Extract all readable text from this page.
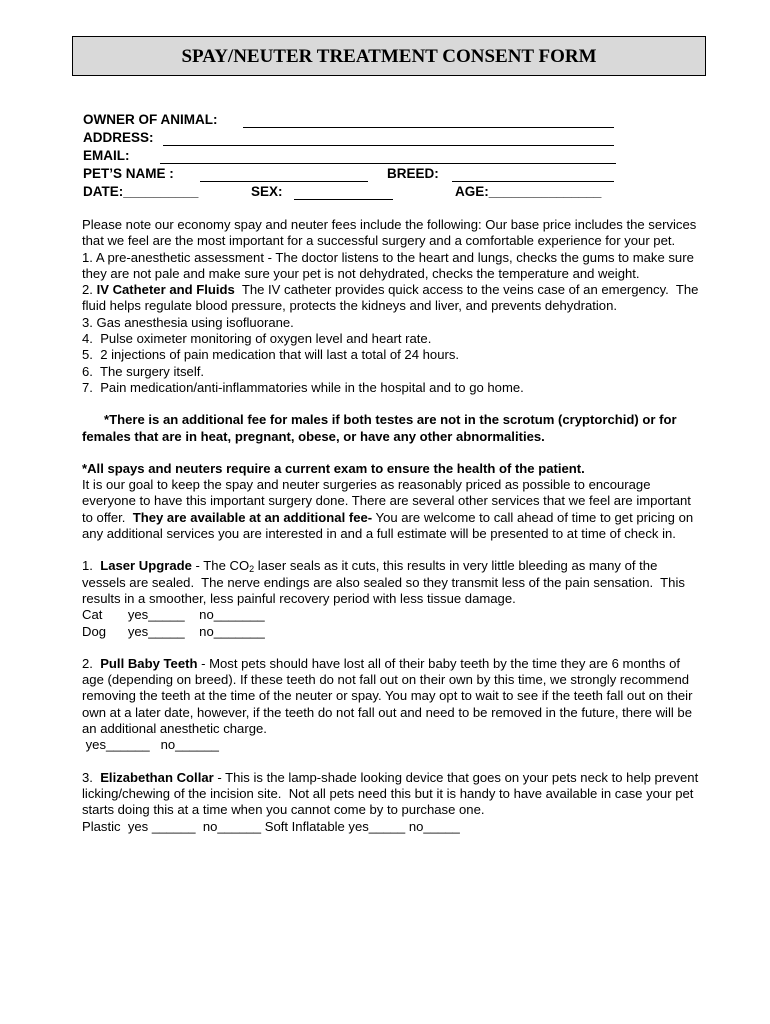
SPAY/NEUTER TREATMENT CONSENT FORM
OWNER OF ANIMAL:
ADDRESS:
EMAIL:
PET’S NAME :	BREED:
DATE:__________	SEX:	AGE:_______________

Please note our economy spay and neuter fees include the following: Our base price includes the services that we feel are the most important for a successful surgery and a comfortable experience for your pet.

1. A pre-anesthetic assessment - The doctor listens to the heart and lungs, checks the gums to make sure    they are not pale and make sure your pet is not dehydrated, checks the temperature and weight.

2. IV Catheter and Fluids  The IV catheter provides quick access to the veins case of an emergency.  The fluid helps regulate blood pressure, protects the kidneys and liver, and prevents dehydration.

3. Gas anesthesia using isofluorane.

4.  Pulse oximeter monitoring of oxygen level and heart rate.

5.  2 injections of pain medication that will last a total of 24 hours.

6.  The surgery itself.

7.  Pain medication/anti-inflammatories while in the hospital and to go home.

*There is an additional fee for males if both testes are not in the scrotum (cryptorchid) or for females that are in heat, pregnant, obese, or have any other abnormalities.

*All spays and neuters require a current exam to ensure the health of the patient.

It is our goal to keep the spay and neuter surgeries as reasonably priced as possible to encourage everyone to have this important surgery done. There are several other services that we feel are important to offer.  They are available at an additional fee- You are welcome to call ahead of time to get pricing on any additional services you are interested in and a full estimate will be presented to at time of check in.

1.  Laser Upgrade - The $CO_2$ laser seals as it cuts, this results in very little bleeding as many of the vessels are sealed.  The nerve endings are also sealed so they transmit less of the pain sensation.  This results in a smoother, less painful recovery period with less tissue damage.

Cat       yes_____    no_______

Dog      yes_____    no_______

2.  Pull Baby Teeth - Most pets should have lost all of their baby teeth by the time they are 6 months of age (depending on breed). If these teeth do not fall out on their own by this time, we strongly recommend removing the teeth at the time of the neuter or spay. You may opt to wait to see if the teeth fall out on their own at a later date, however, if the teeth do not fall out and need to be removed in the future, there will be an additional anesthetic charge.

yes______   no______

3.  Elizabethan Collar - This is the lamp-shade looking device that goes on your pets neck to help prevent licking/chewing of the incision site.  Not all pets need this but it is handy to have available in case your pet starts doing this at a time when you cannot come by to purchase one.

Plastic  yes ______  no______ Soft Inflatable yes_____ no_____
